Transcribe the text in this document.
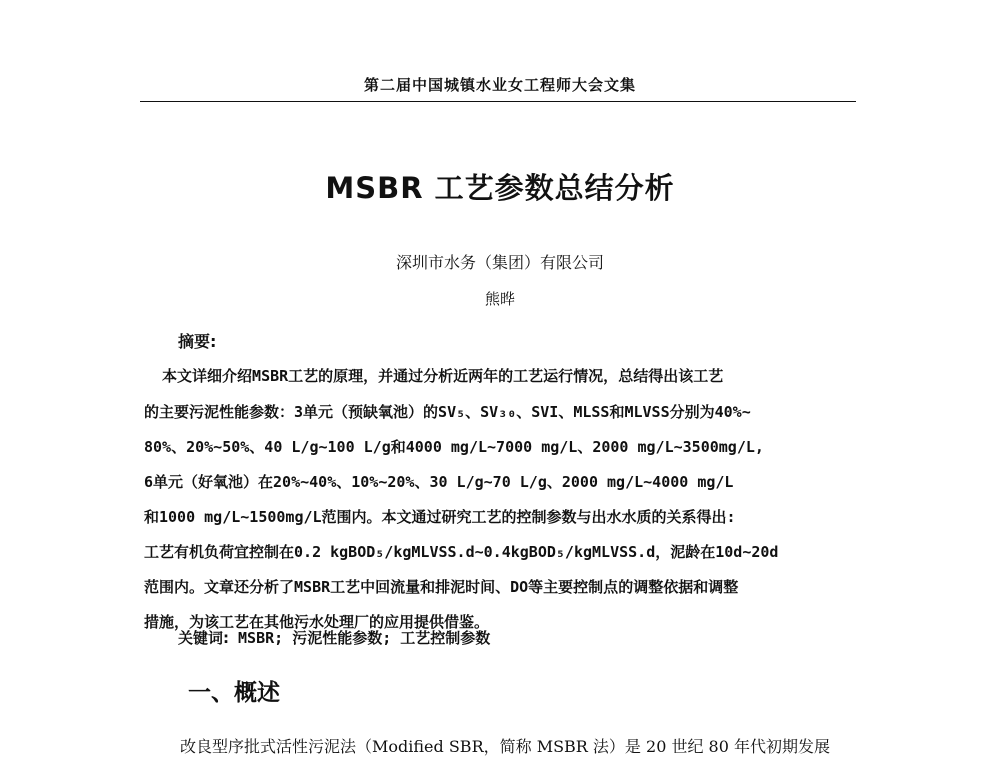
第二届中国城镇水业女工程师大会文集
MSBR 工艺参数总结分析
深圳市水务（集团）有限公司
熊晔
摘要:
本文详细介绍MSBR工艺的原理，并通过分析近两年的工艺运行情况，总结得出该工艺
的主要污泥性能参数：3单元（预缺氧池）的SV₅、SV₃₀、SVI、MLSS和MLVSS分别为40%~
80%、20%~50%、40 L/g~100 L/g和4000 mg/L~7000 mg/L、2000 mg/L~3500mg/L,
6单元（好氧池）在20%~40%、10%~20%、30 L/g~70 L/g、2000 mg/L~4000 mg/L
和1000 mg/L~1500mg/L范围内。本文通过研究工艺的控制参数与出水水质的关系得出:
工艺有机负荷宜控制在0.2 kgBOD₅/kgMLVSS.d~0.4kgBOD₅/kgMLVSS.d，泥龄在10d~20d
范围内。文章还分析了MSBR工艺中回流量和排泥时间、DO等主要控制点的调整依据和调整
措施，为该工艺在其他污水处理厂的应用提供借鉴。
关键词: MSBR; 污泥性能参数; 工艺控制参数
一、概述
改良型序批式活性污泥法（Modified SBR，简称 MSBR 法）是 20 世纪 80 年代初期发展
